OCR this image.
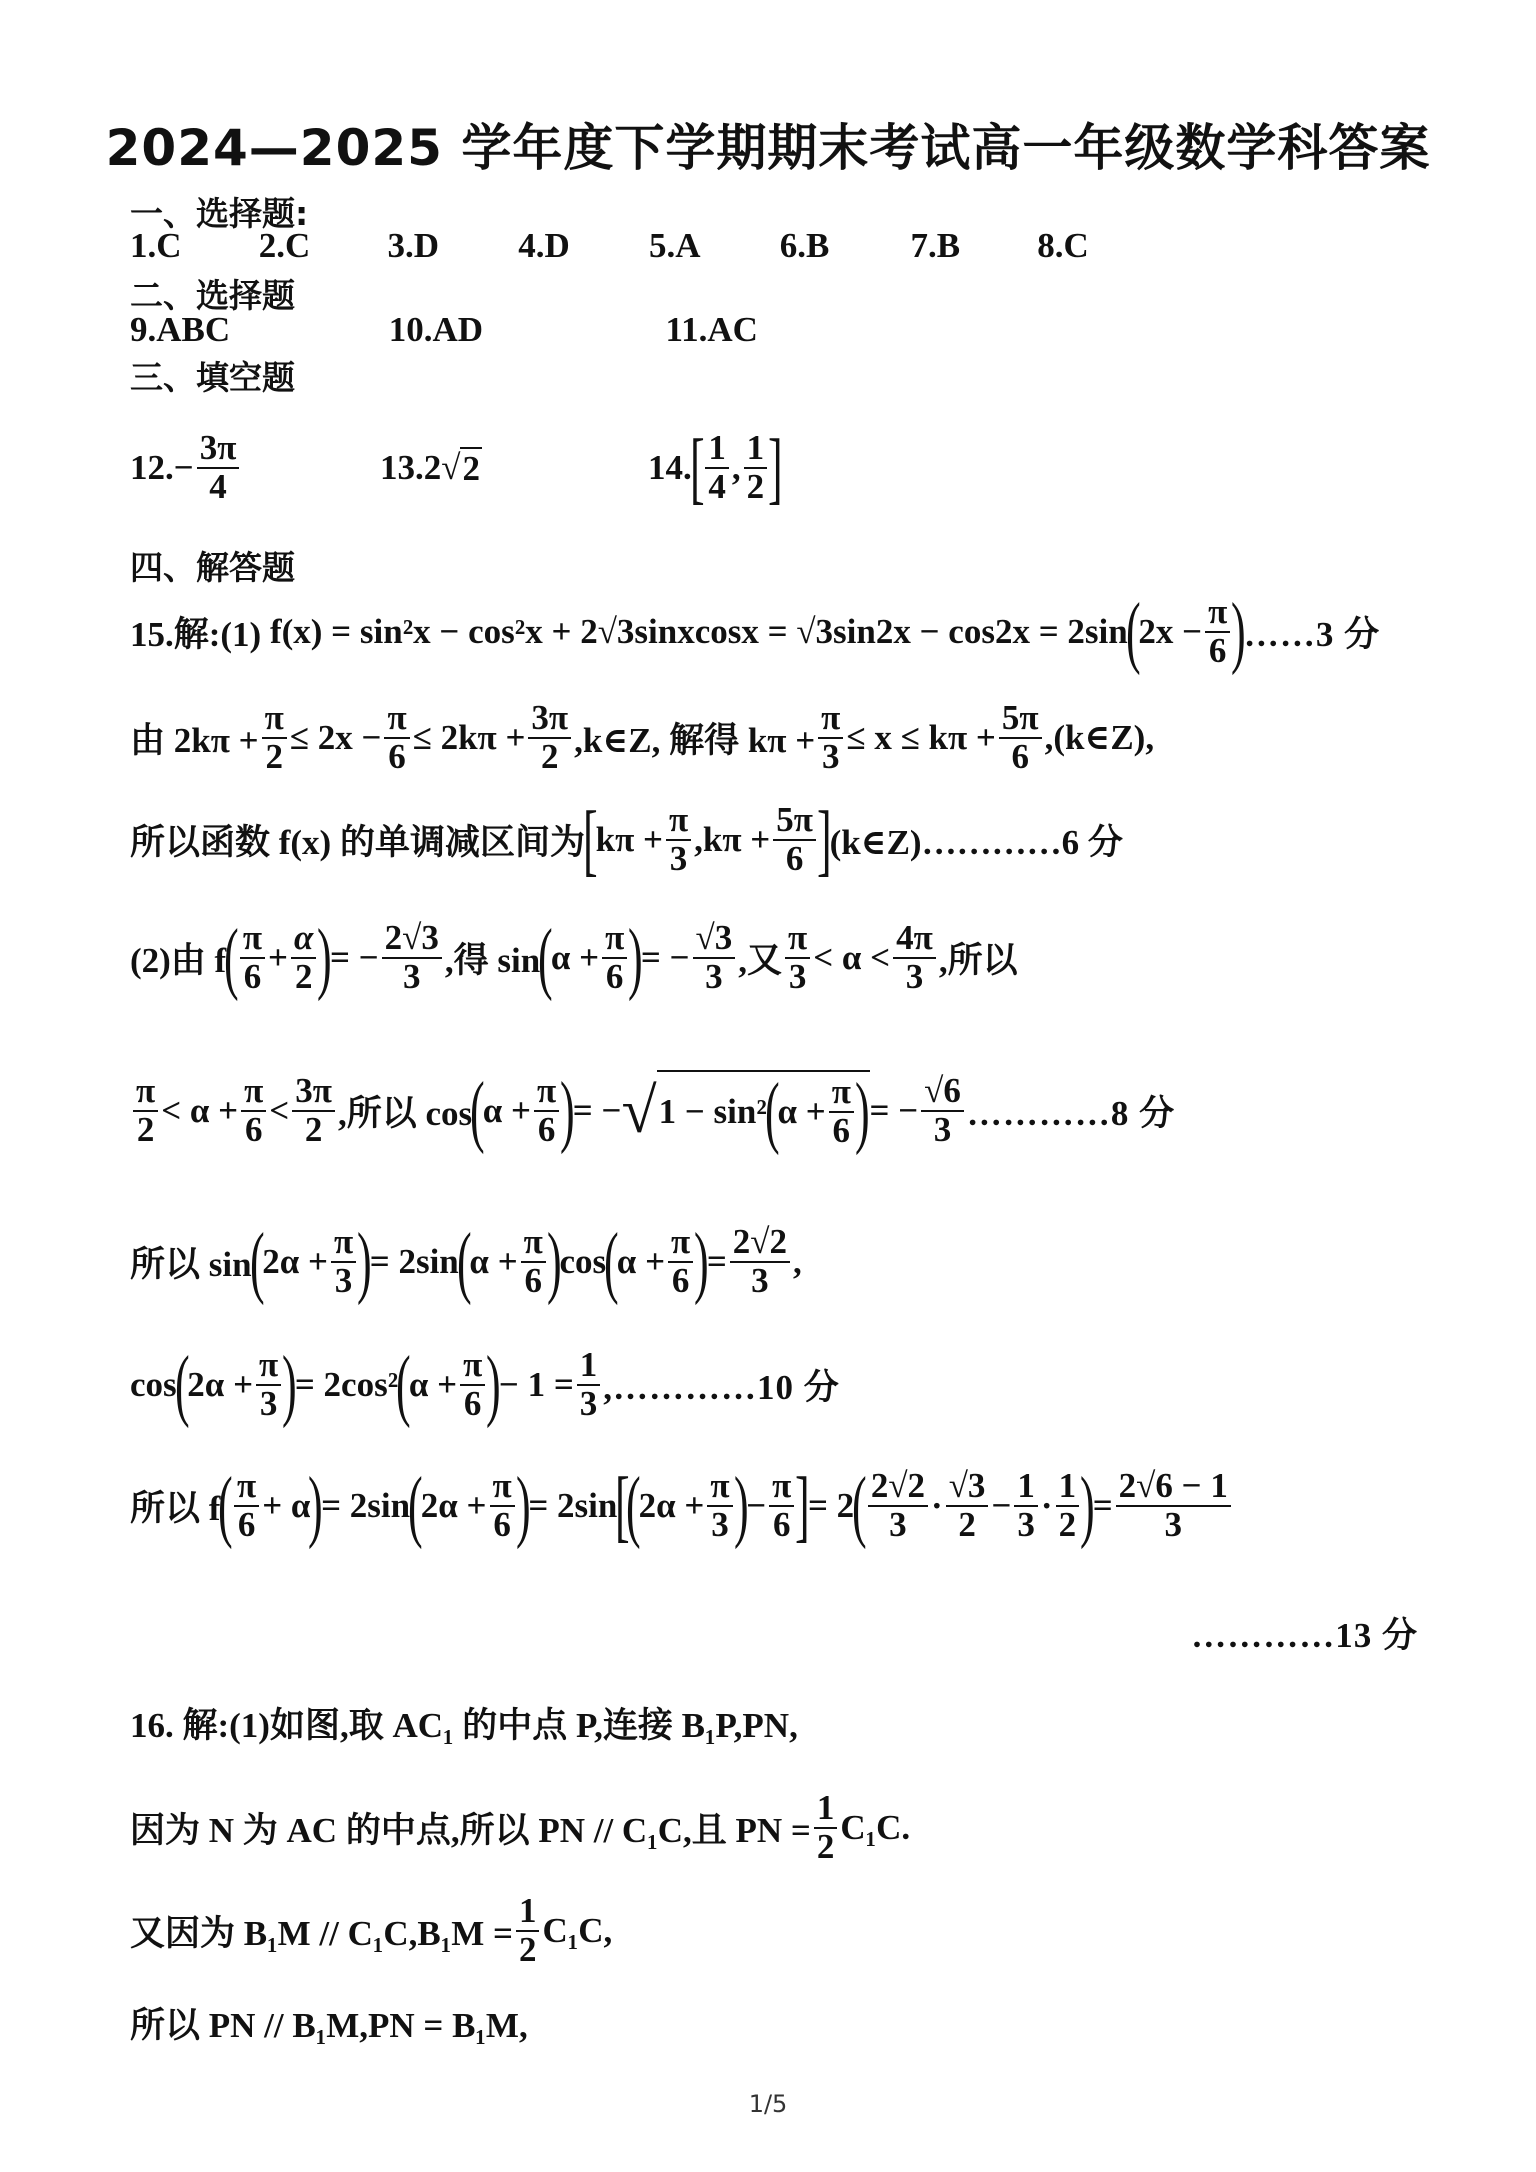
2024—2025 学年度下学期期末考试高一年级数学科答案
一、选择题:
1.C 2.C 3.D 4.D 5.A 6.B 7.B 8.C
二、选择题
9.ABC	10.AD	11.AC
三、填空题
$12.- \frac{3\pi}{4}$	13.2 √ 2	14.
[ $\frac{1}{4}$ , $\frac{1}{2}$ ]
四、解答题
15.解:(1)
f(x) = sin²x − cos²x + 2√3sinxcosx = √3sin2x − cos2x = 2sin
(
$2x - \frac{\pi}{6}$ )
……3 分
由 $2k\pi + \frac{\pi}{2} \le 2x - \frac{\pi}{6} \le 2k\pi + \frac{3\pi}{2}$ ,k∈Z, 解得 $k\pi + \frac{\pi}{3} \le x \le k\pi + \frac{5\pi}{6}$ ,(k∈Z),
所以函数 f(x) 的单调减区间为
[
$k\pi + \frac{\pi}{3} ,k\pi + \frac{5\pi}{6}$ ]
(k∈Z)…………6 分
(2)由 f
( $\frac{\pi}{6} + \frac{\alpha}{2}$ )
= − $\frac{2√3}{3}$ ,得 sin
(
$\alpha + \frac{\pi}{6}$ )
= − $\frac{√3}{3}$ ,又 $\frac{\pi}{3} < \alpha < \frac{4\pi}{3}$ ,所以
$\frac{\pi}{2} < \alpha + \frac{\pi}{6} < \frac{3\pi}{2}$ ,所以 cos
(
$\alpha + \frac{\pi}{6}$ )
= − √ 1 − sin²
(
$\alpha + \frac{\pi}{6}$ ) = − $\frac{√6}{3}$ …………8 分
所以 sin
(
$2\alpha + \frac{\pi}{3}$ )
= 2sin
(
$\alpha + \frac{\pi}{6}$ )
cos
(
$\alpha + \frac{\pi}{6}$ )
= $\frac{2√2}{3}$ ,
cos
(
$2\alpha + \frac{\pi}{3}$ )
= 2cos²
(
$\alpha + \frac{\pi}{6}$ )
− $1 = \frac{1}{3}$ ,…………10 分
所以 f
( $\frac{\pi}{6} + \alpha$
)
= 2sin
(
$2\alpha + \frac{\pi}{6}$ )
= 2sin
[
(
$2\alpha + \frac{\pi}{3}$ )
− $\frac{\pi}{6}$ ]
= 2
( $\frac{2√2}{3} \cdot \frac{√3}{2} - \frac{1}{3} \cdot \frac{1}{2}$ )
= $\frac{2√6 - 1}{3}$
…………13 分
16. 解:(1)如图,取 AC₁ 的中点 P,连接 B₁P,PN,
因为 N 为 AC 的中点,所以 PN // C₁C,且 PN = $\frac{1}{2} C_1C$.
又因为 $B_1M // C_1C,B_1M = \frac{1}{2} C_1C$,
所以 PN // B₁M,PN = B₁M,
1/5
